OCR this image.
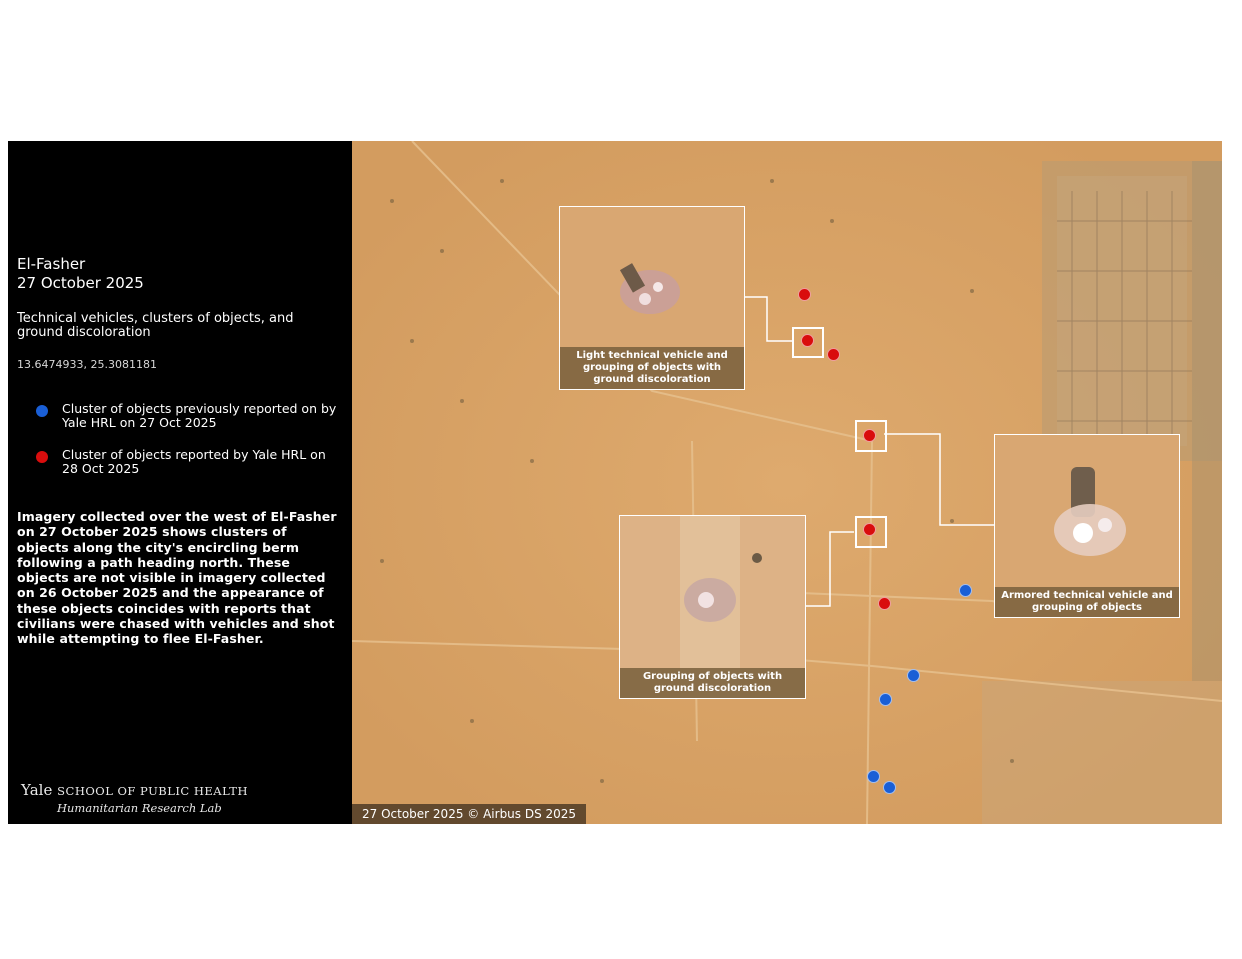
El-Fasher
27 October 2025
Technical vehicles, clusters of objects, and ground discoloration
13.6474933, 25.3081181
Cluster of objects previously reported on by Yale HRL on 27 Oct 2025
Cluster of objects reported by Yale HRL on 28 Oct 2025
Imagery collected over the west of El-Fasher on 27 October 2025 shows clusters of objects along the city's encircling berm following a path heading north. These objects are not visible in imagery collected on 26 October 2025 and the appearance of these objects coincides with reports that civilians were chased with vehicles and shot while attempting to flee El-Fasher.
Yale SCHOOL OF PUBLIC HEALTH
Humanitarian Research Lab
Light technical vehicle and grouping of objects with ground discoloration
Armored technical vehicle and grouping of objects
Grouping of objects with ground discoloration
27 October 2025 © Airbus DS 2025
